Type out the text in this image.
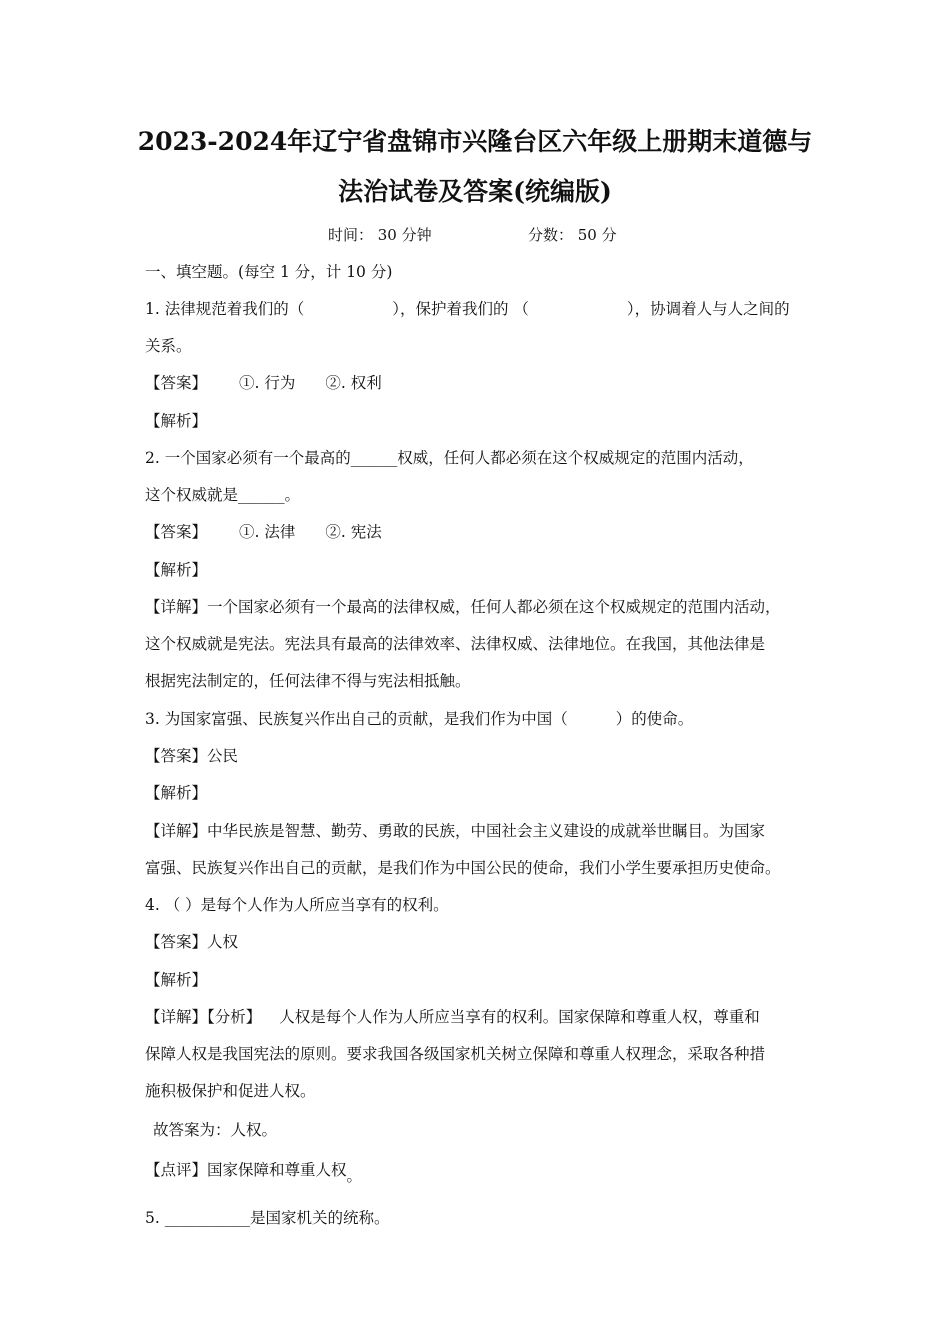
2023-2024年辽宁省盘锦市兴隆台区六年级上册期末道德与
法治试卷及答案(统编版)
时间： 30 分钟	分数： 50 分
一、填空题。(每空 1 分，计 10 分)
1. 法律规范着我们的（	），保护着我们的 （	），协调着人与人之间的
关系。
【答案】 ①. 行为 ②. 权利
【解析】
2. 一个国家必须有一个最高的______权威，任何人都必须在这个权威规定的范围内活动，
这个权威就是______。
【答案】 ①. 法律 ②. 宪法
【解析】
【详解】一个国家必须有一个最高的法律权威，任何人都必须在这个权威规定的范围内活动，
这个权威就是宪法。宪法具有最高的法律效率、法律权威、法律地位。在我国，其他法律是
根据宪法制定的，任何法律不得与宪法相抵触。
3. 为国家富强、民族复兴作出自己的贡献，是我们作为中国（	）的使命。
【答案】公民
【解析】
【详解】中华民族是智慧、勤劳、勇敢的民族，中国社会主义建设的成就举世瞩目。为国家
富强、民族复兴作出自己的贡献，是我们作为中国公民的使命，我们小学生要承担历史使命。
4. （ ）是每个人作为人所应当享有的权利。
【答案】人权
【解析】
【详解】【分析】 人权是每个人作为人所应当享有的权利。国家保障和尊重人权，尊重和
保障人权是我国宪法的原则。要求我国各级国家机关树立保障和尊重人权理念，采取各种措
施积极保护和促进人权。
故答案为：人权。
【点评】国家保障和尊重人权。
5. ___________是国家机关的统称。
